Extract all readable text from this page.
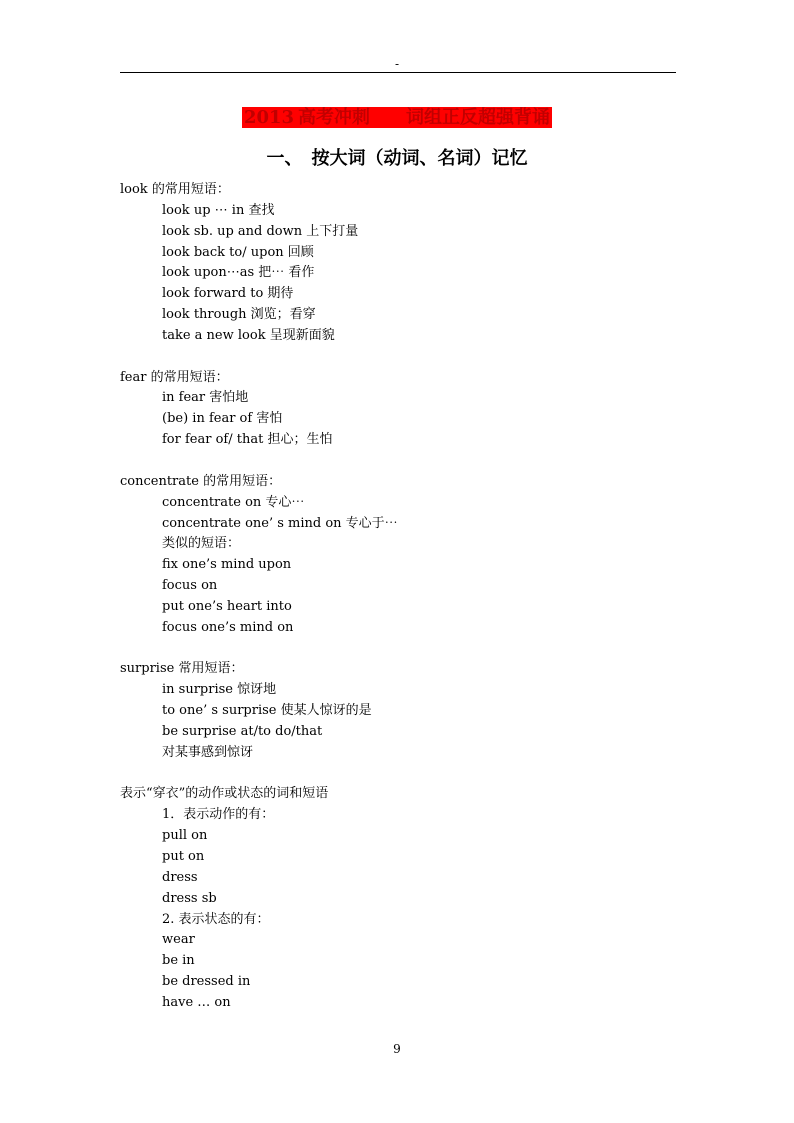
-
2013 高考冲刺　　词组正反超强背诵
一、　按大词（动词、名词）记忆
look 的常用短语：
look up ⋯ in 查找
look sb. up and down 上下打量
look back to/ upon 回顾
look upon⋯as 把⋯ 看作
look forward to 期待
look through 浏览；看穿
take a new look 呈现新面貌
fear 的常用短语：
in fear 害怕地
(be) in fear of 害怕
for fear of/ that 担心；生怕
concentrate 的常用短语：
concentrate on 专心⋯
concentrate one’ s mind on 专心于⋯
类似的短语：
fix one’s mind upon
focus on
put one’s heart into
focus one’s mind on
surprise 常用短语：
in surprise 惊讶地
to one’ s surprise 使某人惊讶的是
be surprise at/to do/that
对某事感到惊讶
表示“穿衣”的动作或状态的词和短语
1．表示动作的有：
pull on
put on
dress
dress sb
2. 表示状态的有：
wear
be in
be dressed in
have … on
9
